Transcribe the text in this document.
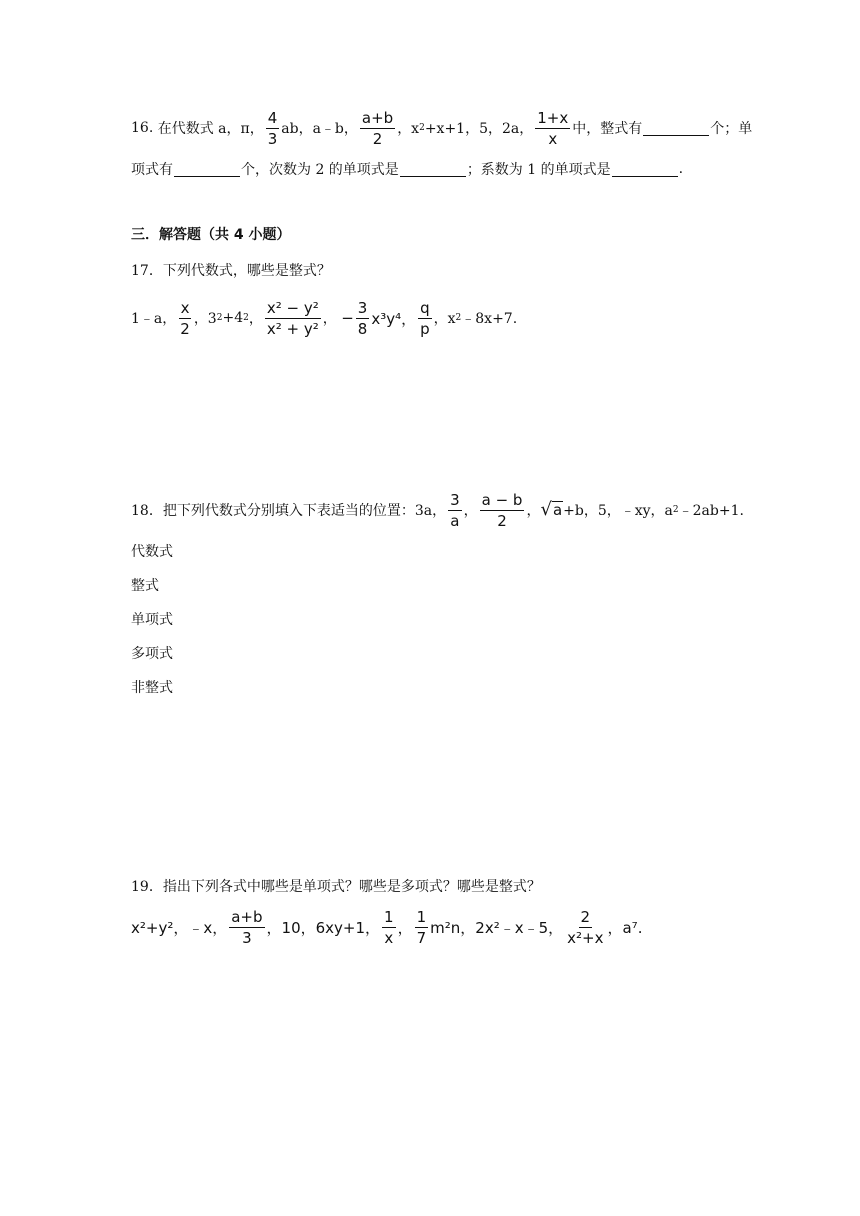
16.
在代数式 a，π， $\frac{4}{3}$ ab，a﹣b， $\frac{a+b}{2}$ ，x 2 +x+1，5，2a， $\frac{1+x}{x}$ 中，整式有	个；单
项式有	个，次数为 2 的单项式是	；系数为 1 的单项式是	.
三．解答题（共 4 小题）
17．下列代数式，哪些是整式？
1﹣a， $\frac{x}{2}$ ，3 2 +4 2 ， $\frac{\text{x² − y²}}{\text{x² + y²}}$ ，
− $\frac{3}{8} x^3y^4$， $\frac{q}{p}$ ，x 2 ﹣8x+7.
18．把下列代数式分别填入下表适当的位置：3a， $\frac{3}{a}$ ， $\frac{a - b}{2}$ ， √ a +b，5，﹣xy，a 2 ﹣2ab+1.
代数式
整式
单项式
多项式
非整式
19．指出下列各式中哪些是单项式？哪些是多项式？哪些是整式？
x²+y²，﹣x， $\frac{a+b}{3}$ ，10，6xy+1， $\frac{1}{x}$ ， $\frac{1}{7} m^2n$，2x²﹣x﹣5， $\frac{2}{\text{x²+x}}$ ，a⁷.
